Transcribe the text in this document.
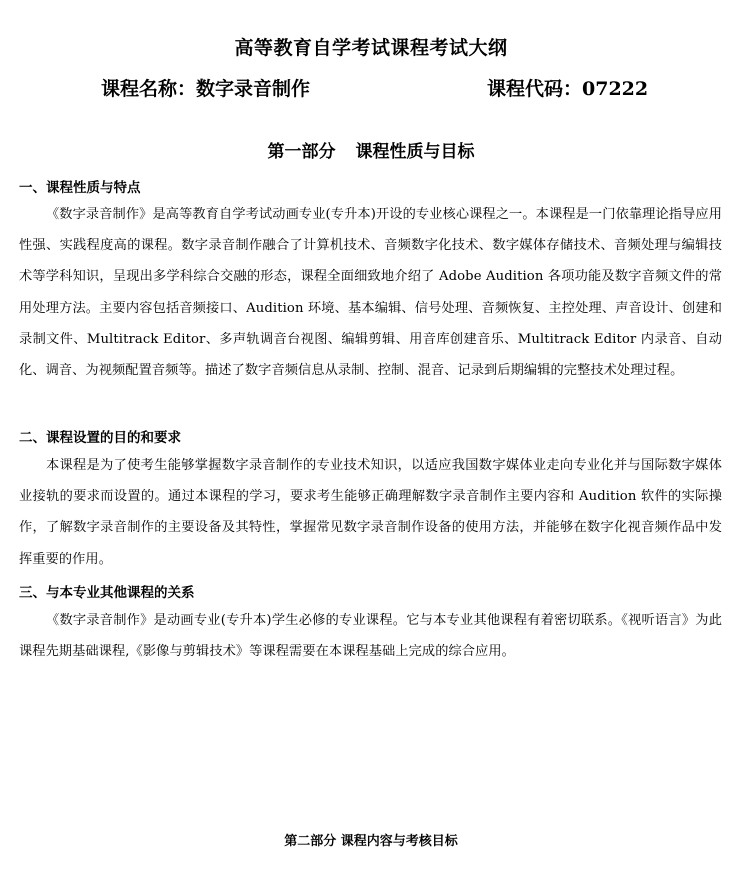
高等教育自学考试课程考试大纲
课程名称：数字录音制作	课程代码：07222
第一部分 课程性质与目标
一、课程性质与特点
《数字录音制作》是高等教育自学考试动画专业(专升本)开设的专业核心课程之一。本课程是一门依靠理论指导应用性强、实践程度高的课程。数字录音制作融合了计算机技术、音频数字化技术、数字媒体存储技术、音频处理与编辑技术等学科知识，呈现出多学科综合交融的形态，课程全面细致地介绍了 Adobe Audition 各项功能及数字音频文件的常用处理方法。主要内容包括音频接口、Audition 环境、基本编辑、信号处理、音频恢复、主控处理、声音设计、创建和录制文件、Multitrack Editor、多声轨调音台视图、编辑剪辑、用音库创建音乐、Multitrack Editor 内录音、自动化、调音、为视频配置音频等。描述了数字音频信息从录制、控制、混音、记录到后期编辑的完整技术处理过程。
二、课程设置的目的和要求
本课程是为了使考生能够掌握数字录音制作的专业技术知识，以适应我国数字媒体业走向专业化并与国际数字媒体业接轨的要求而设置的。通过本课程的学习，要求考生能够正确理解数字录音制作主要内容和 Audition 软件的实际操作，了解数字录音制作的主要设备及其特性，掌握常见数字录音制作设备的使用方法，并能够在数字化视音频作品中发挥重要的作用。
三、与本专业其他课程的关系
《数字录音制作》是动画专业(专升本)学生必修的专业课程。它与本专业其他课程有着密切联系。《视听语言》为此课程先期基础课程,《影像与剪辑技术》等课程需要在本课程基础上完成的综合应用。
第二部分 课程内容与考核目标
